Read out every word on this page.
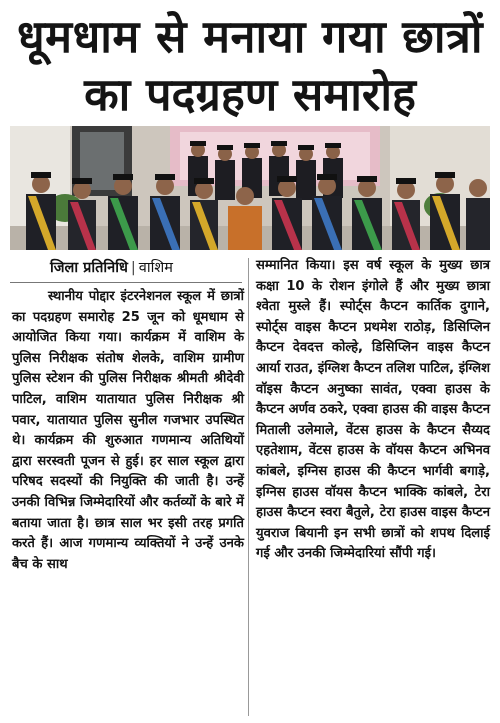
धूमधाम से मनाया गया छात्रों
का पदग्रहण समारोह
जिला प्रतिनिधि | वाशिम

स्थानीय पोद्दार इंटरनेशनल स्कूल में छात्रों का पदग्रहण समारोह 25 जून को धूमधाम से आयोजित किया गया। कार्यक्रम में वाशिम के पुलिस निरीक्षक संतोष शेलके, वाशिम ग्रामीण पुलिस स्टेशन की पुलिस निरीक्षक श्रीमती श्रीदेवी पाटिल, वाशिम यातायात पुलिस निरीक्षक श्री पवार, यातायात पुलिस सुनील गजभार उपस्थित थे। कार्यक्रम की शुरुआत गणमान्य अतिथियों द्वारा सरस्वती पूजन से हुई। हर साल स्कूल द्वारा परिषद सदस्यों की नियुक्ति की जाती है। उन्हें उनकी विभिन्न जिम्मेदारियों और कर्तव्यों के बारे में बताया जाता है। छात्र साल भर इसी तरह प्रगति करते हैं। आज गणमान्य व्यक्तियों ने उन्हें उनके बैच के साथ

सम्मानित किया। इस वर्ष स्कूल के मुख्य छात्र कक्षा 10 के रोशन इंगोले हैं और मुख्य छात्रा श्वेता मुस्ले हैं। स्पोर्ट्स कैप्टन कार्तिक दुगाने, स्पोर्ट्स वाइस कैप्टन प्रथमेश राठोड़, डिसिप्लिन कैप्टन देवदत्त कोल्हे, डिसिप्लिन वाइस कैप्टन आर्या राउत, इंग्लिश कैप्टन तलिश पाटिल, इंग्लिश वॉइस कैप्टन अनुष्का सावंत, एक्वा हाउस के कैप्टन अर्णव ठकरे, एक्वा हाउस की वाइस कैप्टन मिताली उलेमाले, वेंटस हाउस के कैप्टन सैय्यद एहतेशाम, वेंटस हाउस के वॉयस कैप्टन अभिनव कांबले, इग्निस हाउस की कैप्टन भार्गवी बगाड़े, इग्निस हाउस वॉयस कैप्टन भाक्कि कांबले, टेरा हाउस कैप्टन स्वरा बैतुले, टेरा हाउस वाइस कैप्टन युवराज बियानी इन सभी छात्रों को शपथ दिलाई गई और उनकी जिम्मेदारियां सौंपी गई।
